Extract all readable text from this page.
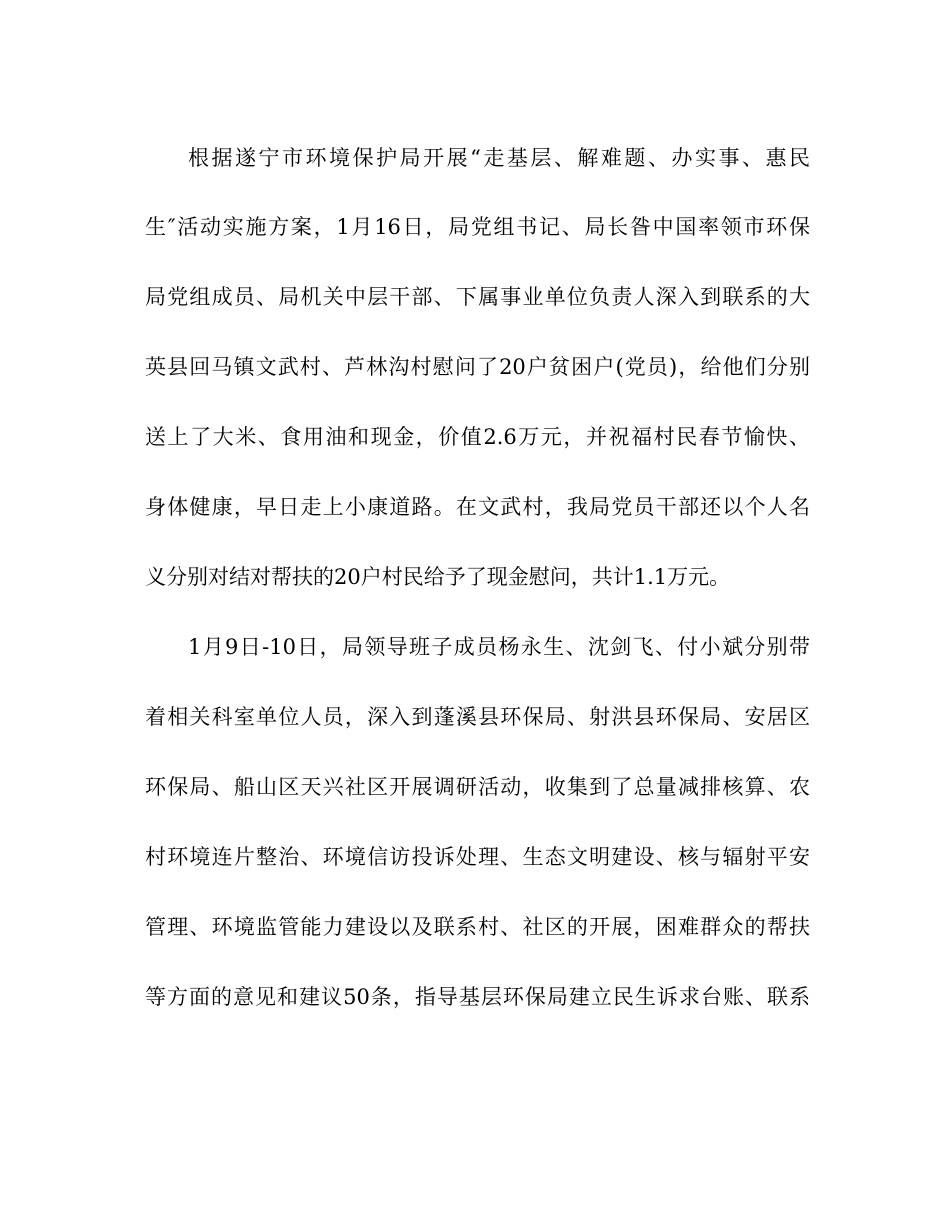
根据遂宁市环境保护局开展“走基层、解难题、办实事、惠民
生″活动实施方案，1月16日，局党组书记、局长昝中国率领市环保
局党组成员、局机关中层干部、下属事业单位负责人深入到联系的大
英县回马镇文武村、芦林沟村慰问了20户贫困户(党员)，给他们分别
送上了大米、食用油和现金，价值2.6万元，并祝福村民春节愉快、
身体健康，早日走上小康道路。在文武村，我局党员干部还以个人名
义分别对结对帮扶的20户村民给予了现金慰问，共计1.1万元。
1月9日-10日，局领导班子成员杨永生、沈剑飞、付小斌分别带
着相关科室单位人员，深入到蓬溪县环保局、射洪县环保局、安居区
环保局、船山区天兴社区开展调研活动，收集到了总量减排核算、农
村环境连片整治、环境信访投诉处理、生态文明建设、核与辐射平安
管理、环境监管能力建设以及联系村、社区的开展，困难群众的帮扶
等方面的意见和建议50条，指导基层环保局建立民生诉求台账、联系
